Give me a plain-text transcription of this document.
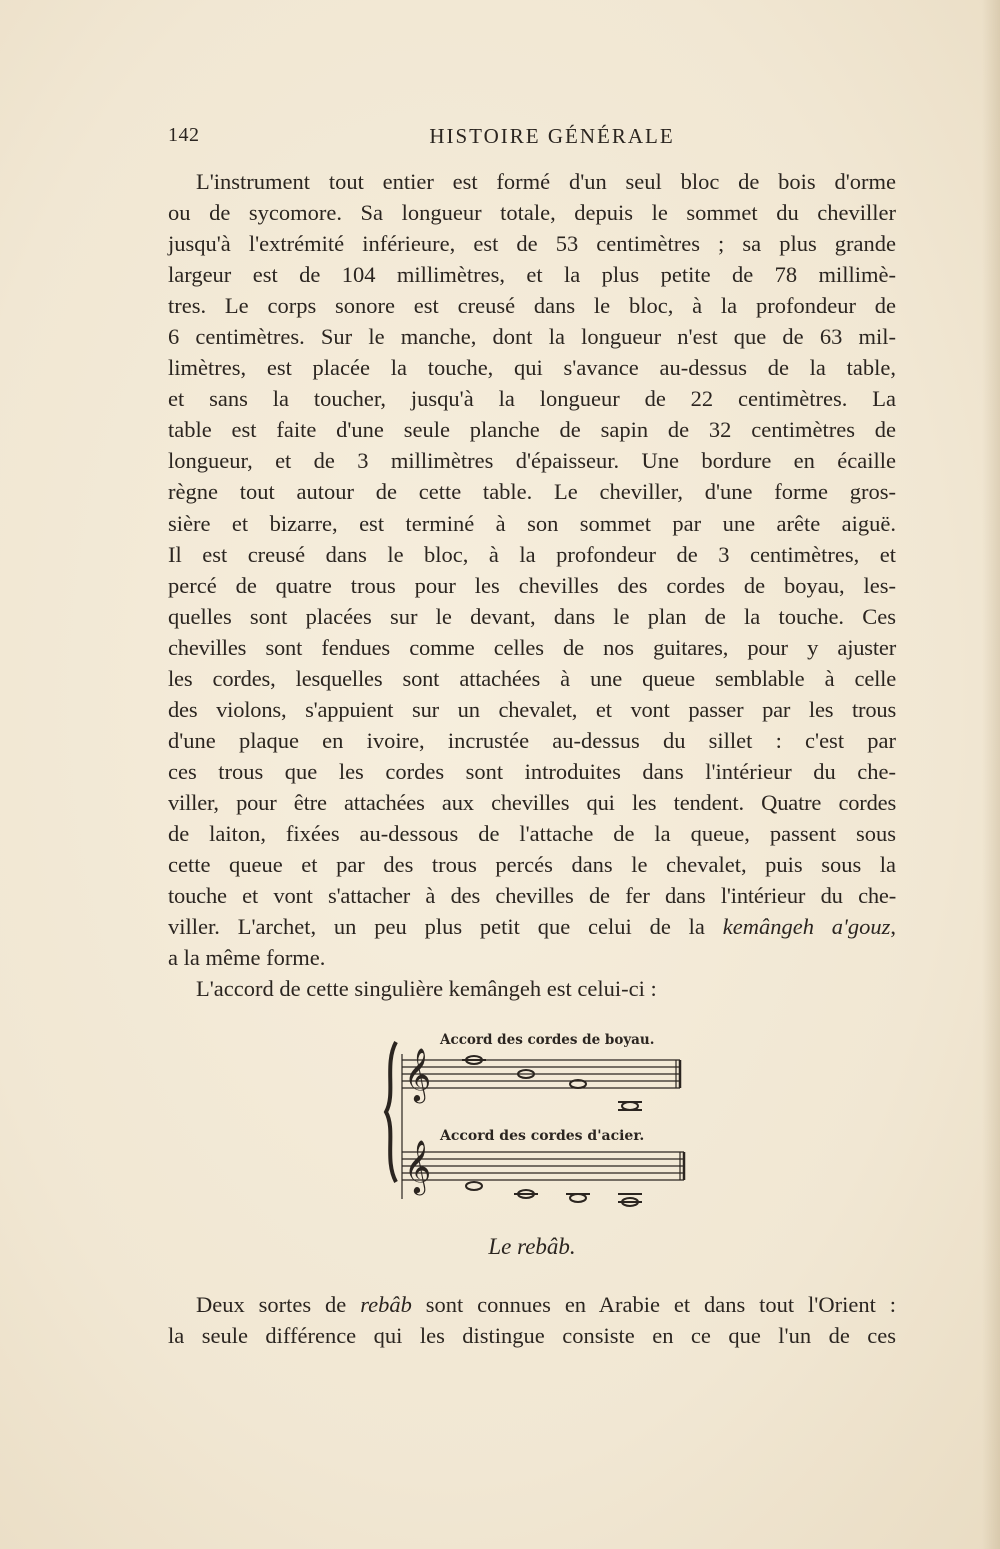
142	HISTOIRE GÉNÉRALE
L'instrument tout entier est formé d'un seul bloc de bois d'orme
ou de sycomore. Sa longueur totale, depuis le sommet du cheviller
jusqu'à l'extrémité inférieure, est de 53 centimètres ; sa plus grande
largeur est de 104 millimètres, et la plus petite de 78 millimè-
tres. Le corps sonore est creusé dans le bloc, à la profondeur de
6 centimètres. Sur le manche, dont la longueur n'est que de 63 mil-
limètres, est placée la touche, qui s'avance au-dessus de la table,
et sans la toucher, jusqu'à la longueur de 22 centimètres. La
table est faite d'une seule planche de sapin de 32 centimètres de
longueur, et de 3 millimètres d'épaisseur. Une bordure en écaille
règne tout autour de cette table. Le cheviller, d'une forme gros-
sière et bizarre, est terminé à son sommet par une arête aiguë.
Il est creusé dans le bloc, à la profondeur de 3 centimètres, et
percé de quatre trous pour les chevilles des cordes de boyau, les-
quelles sont placées sur le devant, dans le plan de la touche. Ces
chevilles sont fendues comme celles de nos guitares, pour y ajuster
les cordes, lesquelles sont attachées à une queue semblable à celle
des violons, s'appuient sur un chevalet, et vont passer par les trous
d'une plaque en ivoire, incrustée au-dessus du sillet : c'est par
ces trous que les cordes sont introduites dans l'intérieur du che-
viller, pour être attachées aux chevilles qui les tendent. Quatre cordes
de laiton, fixées au-dessous de l'attache de la queue, passent sous
cette queue et par des trous percés dans le chevalet, puis sous la
touche et vont s'attacher à des chevilles de fer dans l'intérieur du che-
viller. L'archet, un peu plus petit que celui de la kemângeh a'gouz,
a la même forme.
L'accord de cette singulière kemângeh est celui-ci :
Accord des cordes de boyau.
Accord des cordes d'acier.
𝄞
𝄞
Le rebâb.
Deux sortes de rebâb sont connues en Arabie et dans tout l'Orient :
la seule différence qui les distingue consiste en ce que l'un de ces
